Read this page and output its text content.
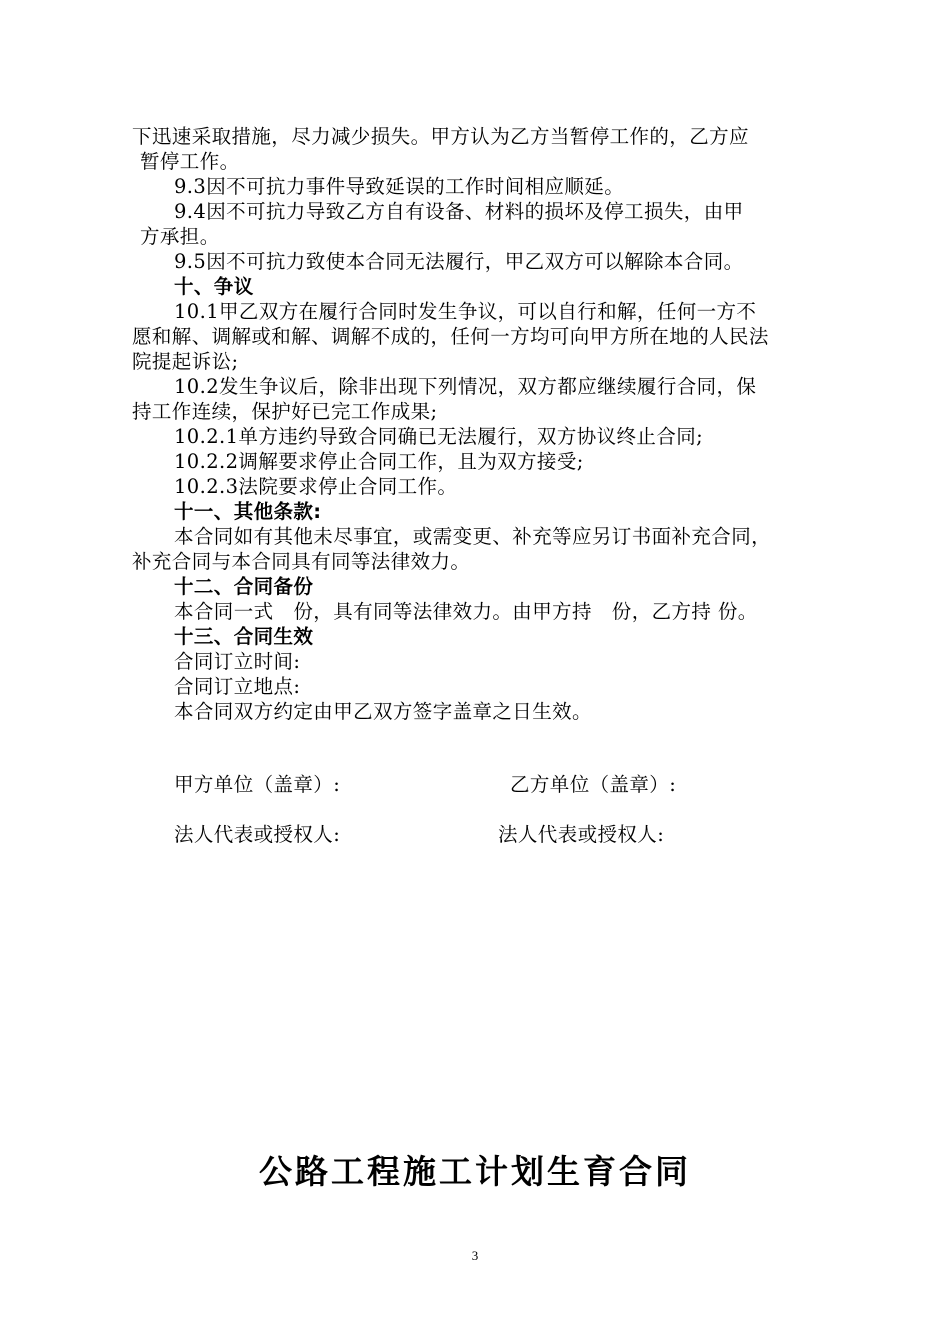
下迅速采取措施，尽力减少损失。甲方认为乙方当暂停工作的，乙方应
暂停工作。
9.3因不可抗力事件导致延误的工作时间相应顺延。
9.4因不可抗力导致乙方自有设备、材料的损坏及停工损失，由甲
方承担。
9.5因不可抗力致使本合同无法履行，甲乙双方可以解除本合同。
十、争议
10.1甲乙双方在履行合同时发生争议，可以自行和解，任何一方不
愿和解、调解或和解、调解不成的，任何一方均可向甲方所在地的人民法
院提起诉讼;
10.2发生争议后，除非出现下列情况，双方都应继续履行合同，保
持工作连续，保护好已完工作成果;
10.2.1单方违约导致合同确已无法履行，双方协议终止合同;
10.2.2调解要求停止合同工作，且为双方接受;
10.2.3法院要求停止合同工作。
十一、其他条款:
本合同如有其他未尽事宜，或需变更、补充等应另订书面补充合同，
补充合同与本合同具有同等法律效力。
十二、合同备份
本合同一式　份，具有同等法律效力。由甲方持　份，乙方持 份。
十三、合同生效
合同订立时间:
合同订立地点:
本合同双方约定由甲乙双方签字盖章之日生效。
甲方单位（盖章）:	乙方单位（盖章）:
法人代表或授权人:	法人代表或授权人:
公路工程施工计划生育合同
3
